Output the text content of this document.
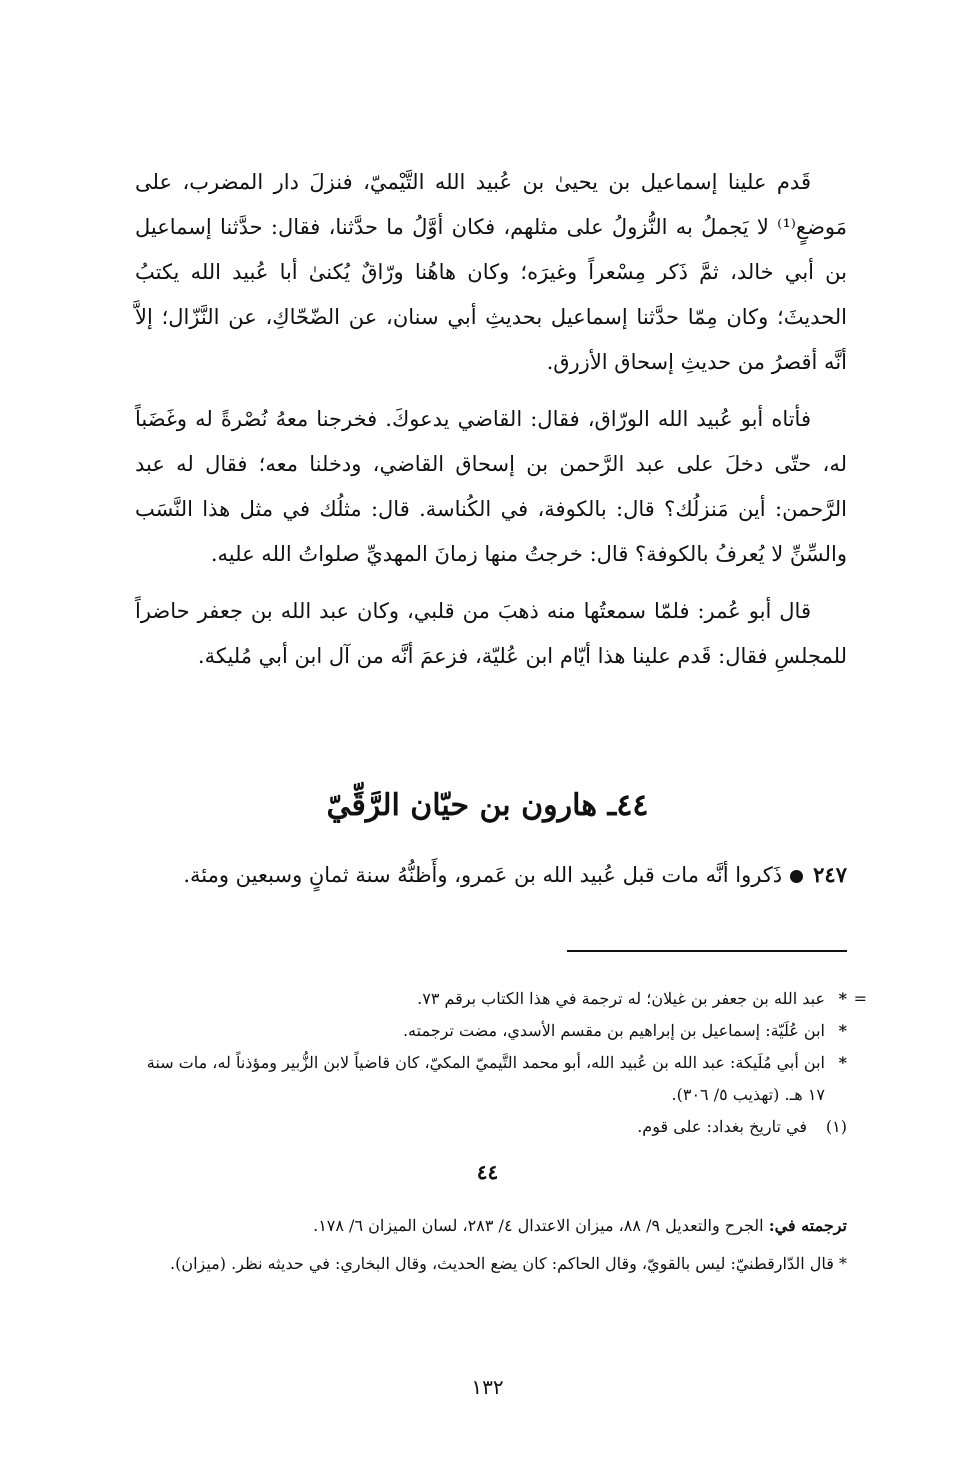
قَدم علينا إسماعيل بن يحيىٰ بن عُبيد الله التَّيْميّ، فنزلَ دار المضرب، على مَوضعٍ⁽¹⁾ لا يَجملُ به النُّزولُ على مثلهم، فكان أوَّلُ ما حدَّثنا، فقال: حدَّثنا إسماعيل بن أبي خالد، ثمَّ ذَكر مِسْعراً وغيرَه؛ وكان هاهُنا ورّاقٌ يُكنىٰ أبا عُبيد الله يكتبُ الحديثَ؛ وكان مِمّا حدَّثنا إسماعيل بحديثِ أبي سنان، عن الضّحّاكِ، عن النَّزّال؛ إلاَّ أنَّه أقصرُ من حديثِ إسحاق الأزرق.

فأتاه أبو عُبيد الله الورّاق، فقال: القاضي يدعوكَ. فخرجنا معهُ نُصْرةً له وغَضَباً له، حتّى دخلَ على عبد الرَّحمن بن إسحاق القاضي، ودخلنا معه؛ فقال له عبد الرَّحمن: أين مَنزلُك؟ قال: بالكوفة، في الكُناسة. قال: مثلُك في مثل هذا النَّسَب والسِّنِّ لا يُعرفُ بالكوفة؟ قال: خرجتُ منها زمانَ المهديِّ صلواتُ الله عليه.

قال أبو عُمر: فلمّا سمعتُها منه ذهبَ من قلبي، وكان عبد الله بن جعفر حاضراً للمجلسِ فقال: قَدم علينا هذا أيّام ابن عُليّة، فزعمَ أنَّه من آل ابن أبي مُليكة.

٤٤ـ هارون بن حيّان الرَّقِّيّ
٢٤٧ذَكروا أنَّه مات قبل عُبيد الله بن عَمرو، وأَظنُّهُ سنة ثمانٍ وسبعين ومئة.
=
*
عبد الله بن جعفر بن غيلان؛ له ترجمة في هذا الكتاب برقم ٧٣.
*
ابن عُلَيّة: إسماعيل بن إبراهيم بن مقسم الأسدي، مضت ترجمته.
*
ابن أبي مُلَيكة: عبد الله بن عُبيد الله، أبو محمد التَّيميّ المكيّ، كان قاضياً لابن الزُّبير ومؤذناً له، مات سنة ١٧ هـ. (تهذيب ٥/ ٣٠٦).
(١)
في تاريخ بغداد: على قوم.
٤٤

ترجمته في: الجرح والتعديل ٩/ ٨٨، ميزان الاعتدال ٤/ ٢٨٣، لسان الميزان ٦/ ١٧٨.

* قال الدّارقطنيّ: ليس بالقويّ، وقال الحاكم: كان يضع الحديث، وقال البخاري: في حديثه نظر. (ميزان).

١٣٢
